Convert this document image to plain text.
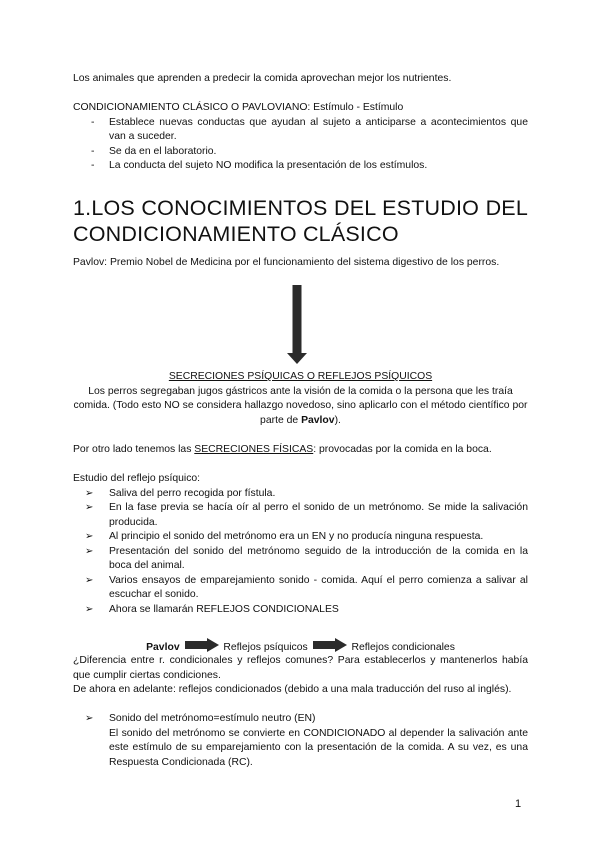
Los animales que aprenden a predecir la comida aprovechan mejor los nutrientes.

CONDICIONAMIENTO CLÁSICO O PAVLOVIANO: Estímulo - Estímulo

- Establece nuevas conductas que ayudan al sujeto a anticiparse a acontecimientos que van a suceder.
- Se da en el laboratorio.
- La conducta del sujeto NO modifica la presentación de los estímulos.

1.LOS CONOCIMIENTOS DEL ESTUDIO DEL CONDICIONAMIENTO CLÁSICO

Pavlov: Premio Nobel de Medicina por el funcionamiento del sistema digestivo de los perros.

SECRECIONES PSÍQUICAS O REFLEJOS PSÍQUICOS

Los perros segregaban jugos gástricos ante la visión de la comida o la persona que les traía comida. (Todo esto NO se considera hallazgo novedoso, sino aplicarlo con el método científico por parte de Pavlov).

Por otro lado tenemos las SECRECIONES FÍSICAS: provocadas por la comida en la boca.

Estudio del reflejo psíquico:

➢ Saliva del perro recogida por fístula.
➢ En la fase previa se hacía oír al perro el sonido de un metrónomo. Se mide la salivación producida.
➢ Al principio el sonido del metrónomo era un EN y no producía ninguna respuesta.
➢ Presentación del sonido del metrónomo seguido de la introducción de la comida en la boca del animal.
➢ Varios ensayos de emparejamiento sonido - comida. Aquí el perro comienza a salivar al escuchar el sonido.
➢ Ahora se llamarán REFLEJOS CONDICIONALES
Pavlov	Reflejos psíquicos	Reflejos condicionales

¿Diferencia entre r. condicionales y reflejos comunes? Para establecerlos y mantenerlos había que cumplir ciertas condiciones.

De ahora en adelante: reflejos condicionados (debido a una mala traducción del ruso al inglés).

➢ Sonido del metrónomo=estímulo neutro (EN)

El sonido del metrónomo se convierte en CONDICIONADO al depender la salivación ante este estímulo de su emparejamiento con la presentación de la comida. A su vez, es una Respuesta Condicionada (RC).

1
